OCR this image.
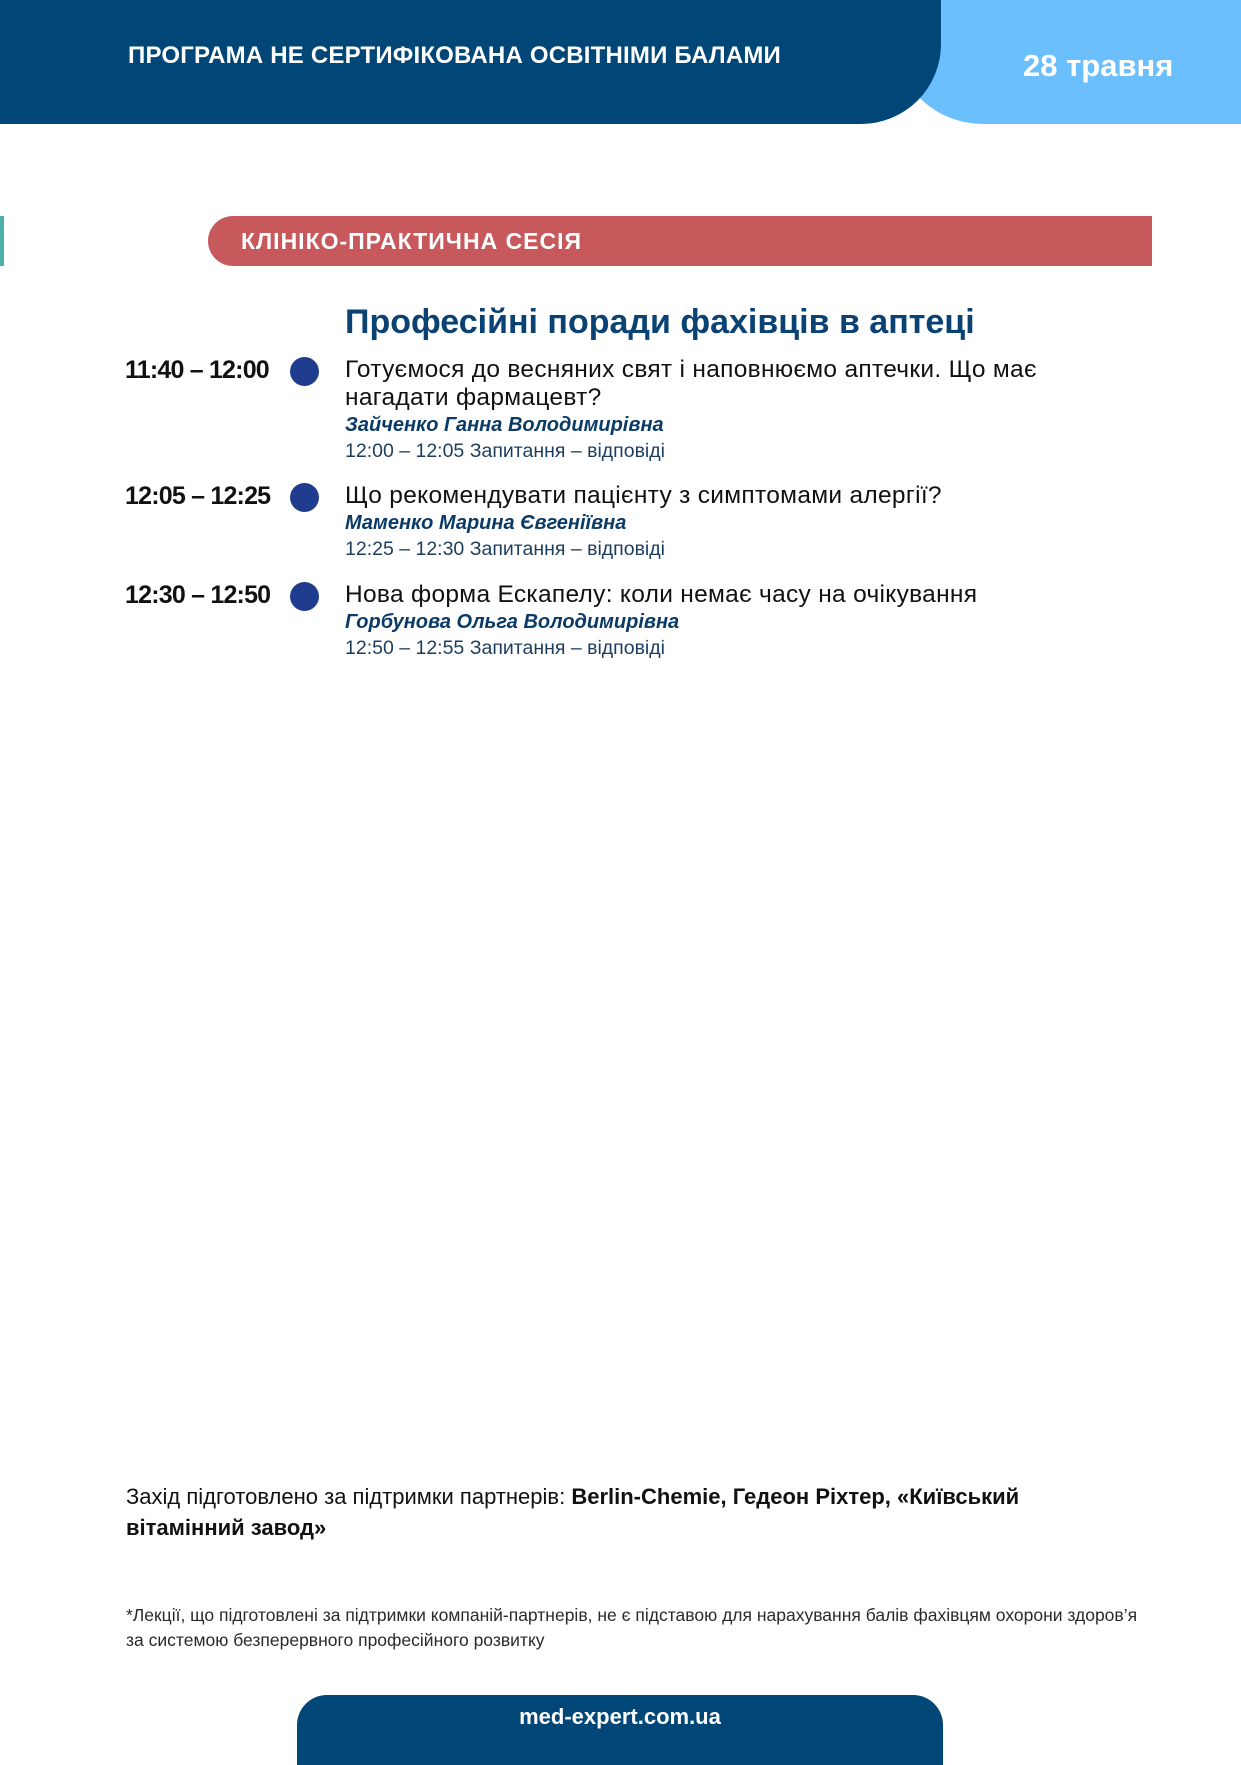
ПРОГРАМА НЕ СЕРТИФІКОВАНА ОСВІТНІМИ БАЛАМИ	28 травня
КЛІНІКО-ПРАКТИЧНА СЕСІЯ
Професійні поради фахівців в аптеці
11:40 – 12:00	Готуємося до весняних свят і наповнюємо аптечки. Що має нагадати фармацевт?
Зайченко Ганна Володимирівна
12:00 – 12:05 Запитання – відповіді
12:05 – 12:25	Що рекомендувати пацієнту з симптомами алергії?
Маменко Марина Євгеніївна
12:25 – 12:30 Запитання – відповіді
12:30 – 12:50	Нова форма Ескапелу: коли немає часу на очікування
Горбунова Ольга Володимирівна
12:50 – 12:55 Запитання – відповіді
Захід підготовлено за підтримки партнерів: Berlin-Chemie, Гедеон Ріхтер, «Київський вітамінний завод»
*Лекції, що підготовлені за підтримки компаній-партнерів, не є підставою для нарахування балів фахівцям охорони здоров’я за системою безперервного професійного розвитку
med-expert.com.ua
